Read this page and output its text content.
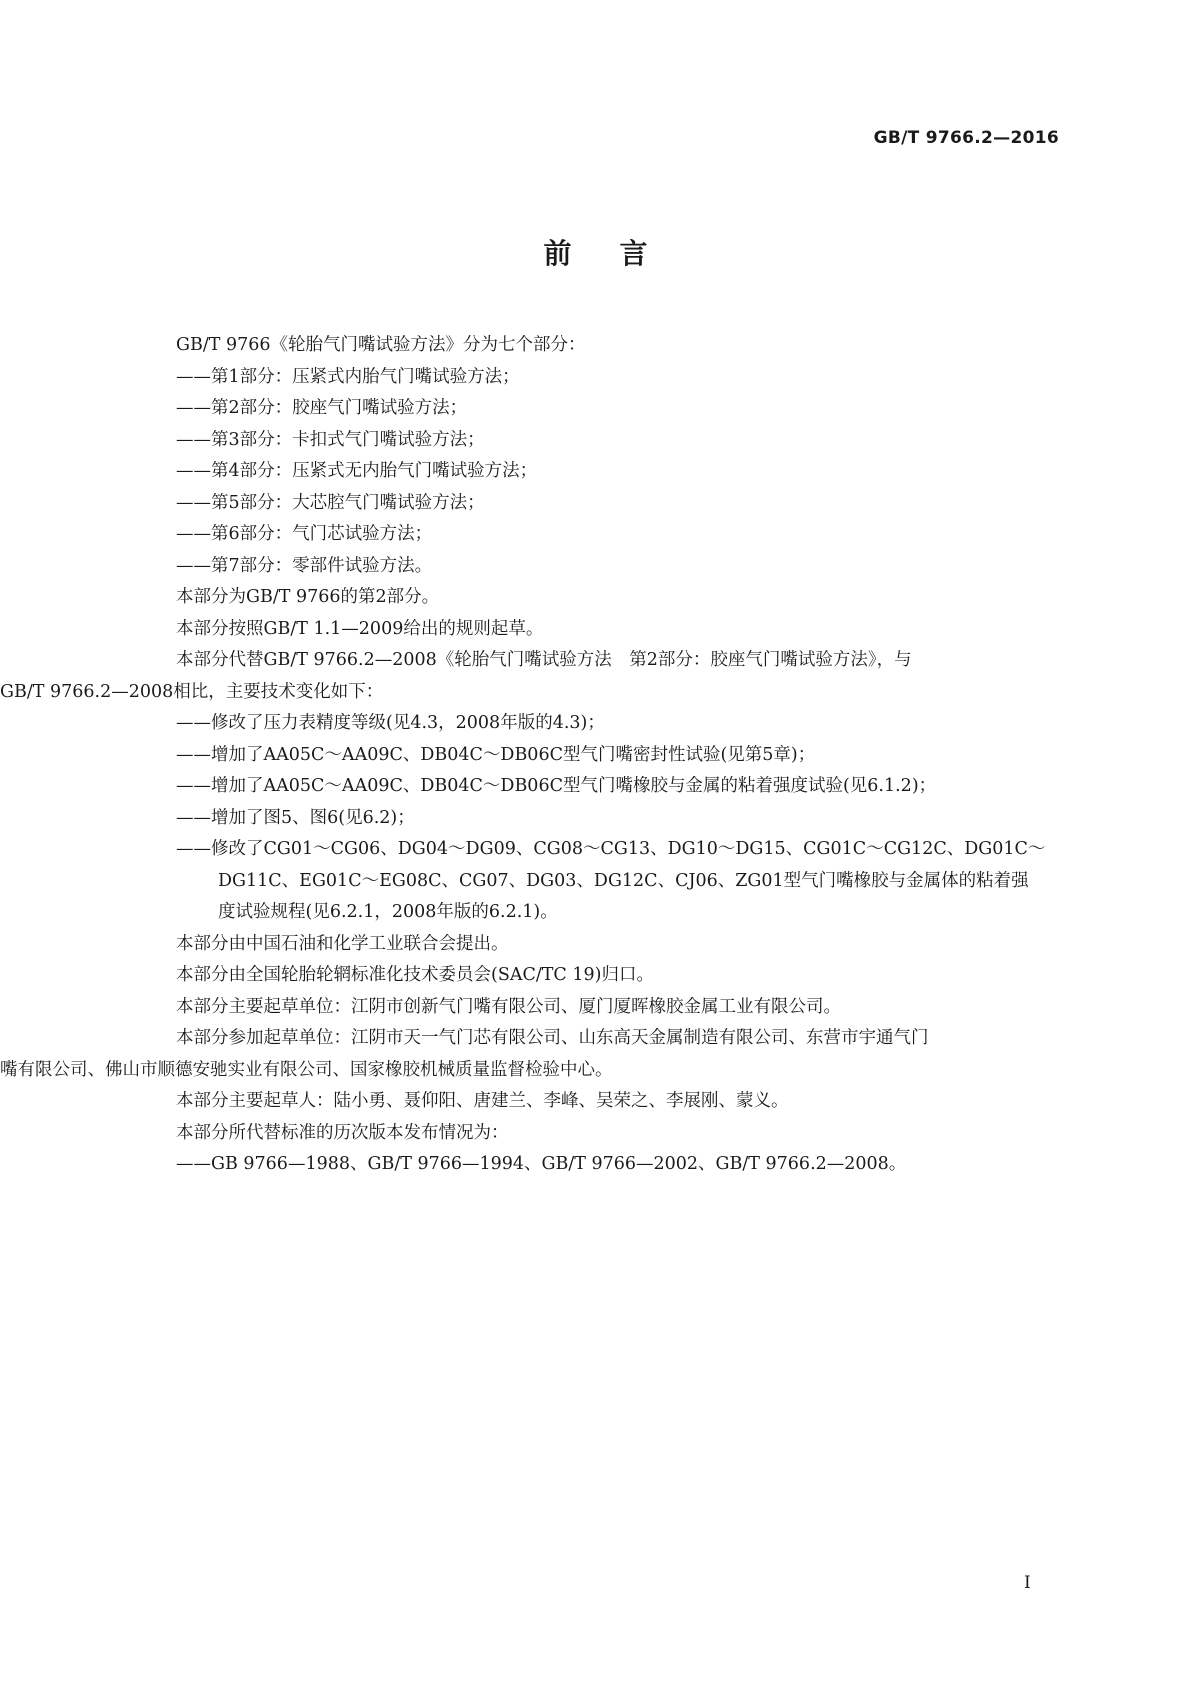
GB/T 9766.2—2016
前言

GB/T 9766《轮胎气门嘴试验方法》分为七个部分：

——第1部分：压紧式内胎气门嘴试验方法；

——第2部分：胶座气门嘴试验方法；

——第3部分：卡扣式气门嘴试验方法；

——第4部分：压紧式无内胎气门嘴试验方法；

——第5部分：大芯腔气门嘴试验方法；

——第6部分：气门芯试验方法；

——第7部分：零部件试验方法。

本部分为GB/T 9766的第2部分。

本部分按照GB/T 1.1—2009给出的规则起草。

本部分代替GB/T 9766.2—2008《轮胎气门嘴试验方法　第2部分：胶座气门嘴试验方法》，与

GB/T 9766.2—2008相比，主要技术变化如下：

——修改了压力表精度等级(见4.3，2008年版的4.3)；

——增加了AA05C～AA09C、DB04C～DB06C型气门嘴密封性试验(见第5章)；

——增加了AA05C～AA09C、DB04C～DB06C型气门嘴橡胶与金属的粘着强度试验(见6.1.2)；

——增加了图5、图6(见6.2)；

——修改了CG01～CG06、DG04～DG09、CG08～CG13、DG10～DG15、CG01C～CG12C、DG01C～

DG11C、EG01C～EG08C、CG07、DG03、DG12C、CJ06、ZG01型气门嘴橡胶与金属体的粘着强

度试验规程(见6.2.1，2008年版的6.2.1)。

本部分由中国石油和化学工业联合会提出。

本部分由全国轮胎轮辋标准化技术委员会(SAC/TC 19)归口。

本部分主要起草单位：江阴市创新气门嘴有限公司、厦门厦晖橡胶金属工业有限公司。

本部分参加起草单位：江阴市天一气门芯有限公司、山东高天金属制造有限公司、东营市宇通气门

嘴有限公司、佛山市顺德安驰实业有限公司、国家橡胶机械质量监督检验中心。

本部分主要起草人：陆小勇、聂仰阳、唐建兰、李峰、吴荣之、李展刚、蒙义。

本部分所代替标准的历次版本发布情况为：

——GB 9766—1988、GB/T 9766—1994、GB/T 9766—2002、GB/T 9766.2—2008。

I
